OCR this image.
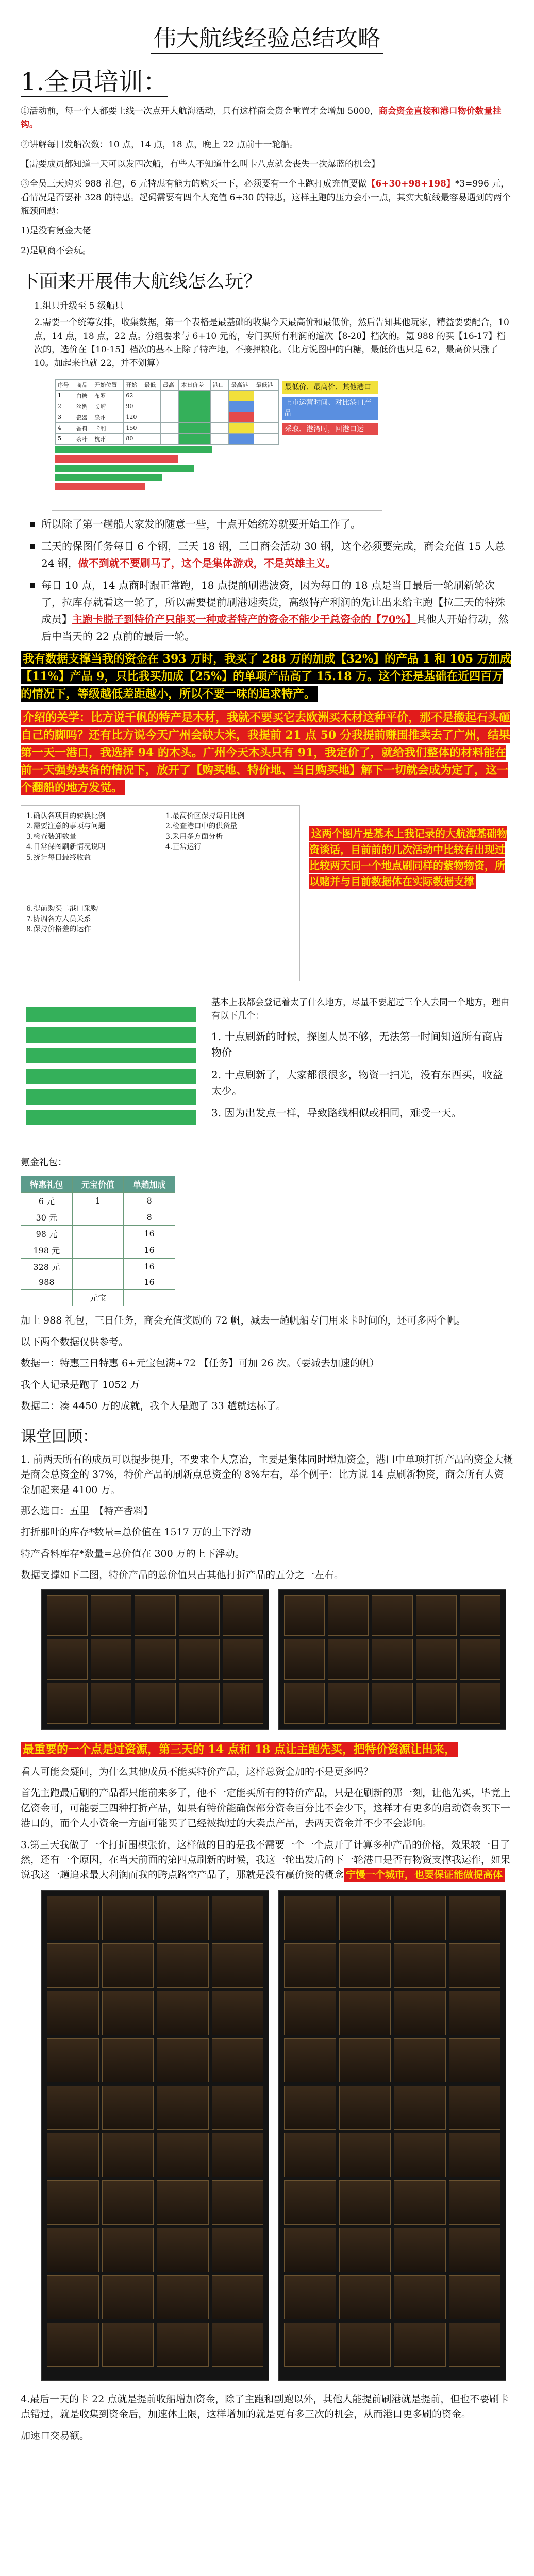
伟大航线经验总结攻略
1.全员培训：

①活动前，每一个人都要上线一次点开大航海活动，只有这样商会资金重置才会增加 5000，商会资金直接和港口物价数量挂钩。

②讲解每日发船次数：10 点，14 点，18 点，晚上 22 点前十一轮船。

【需要成员都知道一天可以发四次船，有些人不知道什么叫卡八点就会丧失一次爆蓝的机会】

③全员三天购买 988 礼包，6 元特惠有能力的购买一下，必须要有一个主跑打成充值要做【6+30+98+198】*3=996 元，看情况是否要补 328 的特惠。起码需要有四个人充值 6+30 的特惠，这样主跑的压力会小一点，其实大航线最容易遇到的两个瓶颈问题：

1)是没有氪金大佬

2)是刷商不会玩。

下面来开展伟大航线怎么玩？

1.组只升级至 5 级船只

2.需要一个统筹安排，收集数据，第一个表格是最基础的收集今天最高价和最低价，然后告知其他玩家，精益要要配合，10 点，14 点，18 点，22 点。分组要求与 6+10 元的，专门买所有利润的道次【8-20】档次的。氪 988 的买【16-17】档次的，选价在【10-15】档次的基本上除了特产地，不接押粮化。（比方说图中的白糖，最低价也只是 62，最高价只涨了 10。加起来也就 22，并不划算）

序号	商品	开始位置	开始	最低	最高	本日价差	港口	最高港	最低港
1	白糖	布罗	62						
2	丝绸	长崎	90						
3	瓷器	泉州	120						
4	香料	卡利	150						
5	茶叶	杭州	80						
最低价、最高价、其他港口
上市运营时间、对比港口产品
采取、港湾时，回港口运
所以除了第一趟船大家发的随意一些，十点开始统筹就要开始工作了。
三天的保图任务每日 6 个钢，三天 18 钢，三日商会活动 30 钢，这个必须要完成，商会充值 15 人总 24 钢，做不到就不要刷马了，这个是集体游戏，不是英雄主义。
每日 10 点，14 点商时跟正常跑，18 点提前刷港波资，因为每日的 18 点是当日最后一轮刷新轮次了，拉库存就看这一轮了，所以需要提前刷港速卖货，高级特产利润的先让出来给主跑【拉三天的特殊成员】主跑卡脱子到特价产只能买一种或者特产的资金不能少于总资金的【70%】其他人开始行动，然后中当天的 22 点前的最后一轮。
我有数据支撑当我的资金在 393 万时，我买了 288 万的加成【32%】的产品 1 和 105 万加成【11%】产品 9，只比我买加成【25%】的单项产品高了 15.18 万。这个还是基础在近四百万的情况下，等级越低差距越小，所以不要一味的追求特产。
介绍的关学：比方说千帆的特产是木材，我就不要买它去欧洲买木材这种平价，那不是搬起石头砸自己的脚吗？还有比方说今天广州会缺大米，我提前 21 点 50 分我提前赚围推卖去了广州，结果第一天一港口，我选择 94 的木头。广州今天木头只有 91，我定价了，就给我们整体的材料能在前一天强势卖备的情况下，放开了【购买地、特价地、当日购买地】解下一切就会成为定了，这一个翻船的地方发觉。
1.确认各项目的转换比例
2.需要注意的事项与问题
3.检查装卸数量
4.日常保图刷新情况说明
5.统计每日最终收益
1.最高价区保持每日比例
2.检查港口中的供货量
3.采用多方面分析
4.正常运行
6.提前购买二港口采购
7.协调各方人员关系
8.保持价格差的运作
这两个图片是基本上我记录的大航海基础物资谈话，目前前的几次活动中比较有出现过比较两天同一个地点刷同样的紫物物资，所以赌并与目前数据体在实际数据支撑

基本上我都会登记着太了什么地方，尽量不要超过三个人去同一个地方，理由有以下几个：

1. 十点刷新的时候，探图人员不够，无法第一时间知道所有商店物价

2. 十点刷新了，大家都很很多，物资一扫光，没有东西买，收益太少。

3. 因为出发点一样，导致路线相似或相同，难受一天。

氪金礼包：

特惠礼包	元宝价值	单趟加成
6 元	1	8
30 元		8
98 元		16
198 元		16
328 元		16
988		16
	元宝	

加上 988 礼包，三日任务，商会充值奖励的 72 帆，减去一趟帆船专门用来卡时间的，还可多两个帆。

以下两个数据仅供参考。

数据一：特惠三日特惠 6+元宝包满+72 【任务】可加 26 次。（要减去加速的帆）

我个人记录是跑了 1052 万

数据二：凑 4450 万的成就，我个人是跑了 33 趟就达标了。

课堂回顾：

1. 前两天所有的成员可以提步提升，不要求个人烹冶，主要是集体同时增加资金，港口中单项打折产品的资金大概是商会总资金的 37%，特价产品的刷新点总资金的 8%左右，举个例子：比方说 14 点刷新物资，商会所有人资金加起来是 4100 万。

那么选口：五里　【特产香料】

打折那叶的库存*数量=总价值在 1517 万的上下浮动

特产香料库存*数量=总价值在 300 万的上下浮动。

数据支撑如下二图，特价产品的总价值只占其他打折产品的五分之一左右。

最重要的一个点是过资源，第三天的 14 点和 18 点让主跑先买，把特价资源让出来，

看人可能会疑问，为什么其他成员不能买特价产品，这样总资金加的不是更多吗？

首先主跑最后刷的产品都只能前来多了，他不一定能买所有的特价产品，只是在刷新的那一刻，让他先买，毕竟上亿资金可，可能要三四种打折产品，如果有特价能确保部分资金百分比不会少下，这样才有更多的启动资金买下一港口的，而个人小资金一方面可能买了已经被掏过的大卖点产品，去两天资金并不少不会影响。

3.第三天我做了一个打折围棋张价，这样做的目的是我不需要一个一个点开了计算多种产品的价格，效果较一目了然，还有一个原因，在当天前面的第四点刷新的时候，我这一轮出发后的下一轮港口是否有物资支撑我运作，如果说我这一趟追求最大利润而我的跨点路空产品了，那就是没有赢价资的概念 宁慢一个城市，也要保证能做提高体

4.最后一天的卡 22 点就是提前收船增加资金，除了主跑和副跑以外，其他人能提前刷港就是提前，但也不要刷卡点错过，就是收集到资金后，加速体上限，这样增加的就是更有多三次的机会，从而港口更多刷的资金。

加速口交易额。
